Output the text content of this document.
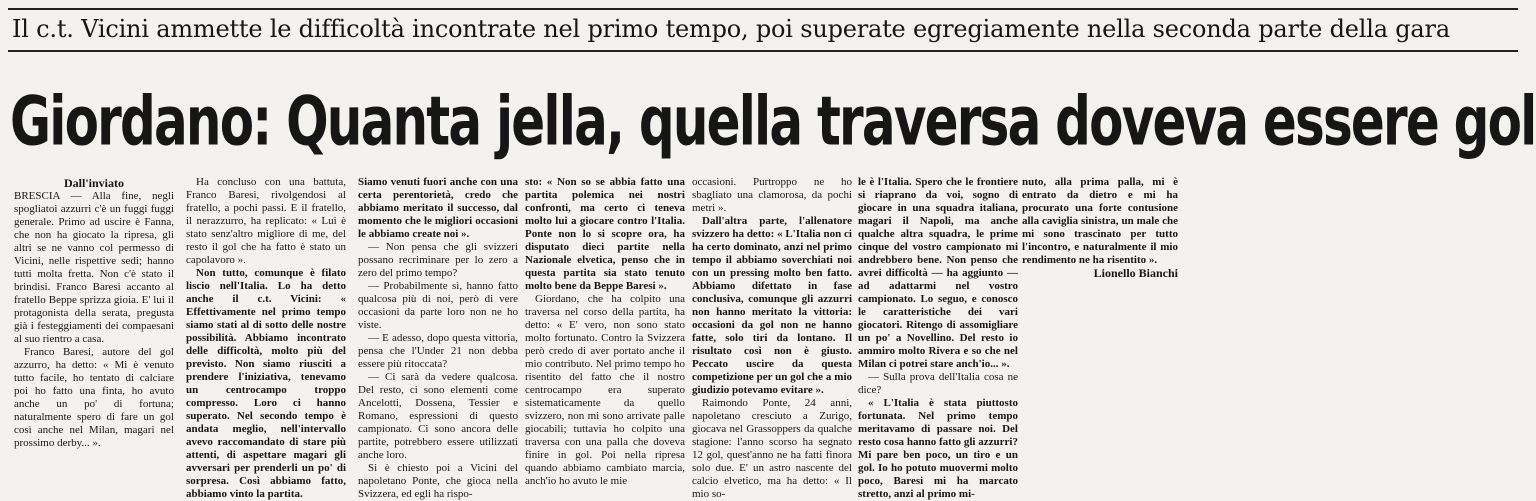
Il c.t. Vicini ammette le difficoltà incontrate nel primo tempo, poi superate egregiamente nella seconda parte della gara
Giordano: Quanta jella, quella traversa doveva essere gol

Dall'inviato

BRESCIA — Alla fine, negli spogliatoi azzurri c'è un fuggi fuggi generale. Primo ad uscire è Fanna, che non ha giocato la ripresa, gli altri se ne vanno col permesso di Vicini, nelle rispettive sedi; hanno tutti molta fretta. Non c'è stato il brindisi. Franco Baresi accanto al fratello Beppe sprizza gioia. E' lui il protagonista della serata, pregusta già i festeggiamenti dei compaesani al suo rientro a casa.

Franco Baresi, autore del gol azzurro, ha detto: « Mi è venuto tutto facile, ho tentato di calciare poi ho fatto una finta, ho avuto anche un po' di fortuna; naturalmente spero di fare un gol così anche nel Milan, magari nel prossimo derby... ».

Ha concluso con una battuta, Franco Baresi, rivolgendosi al fratello, a pochi passi. E il fratello, il nerazzurro, ha replicato: « Lui è stato senz'altro migliore di me, del resto il gol che ha fatto è stato un capolavoro ».

Non tutto, comunque è filato liscio nell'Italia. Lo ha detto anche il c.t. Vicini: « Effettivamente nel primo tempo siamo stati al di sotto delle nostre possibilità. Abbiamo incontrato delle difficoltà, molto più del previsto. Non siamo riusciti a prendere l'iniziativa, tenevamo un centrocampo troppo compresso. Loro ci hanno superato. Nel secondo tempo è andata meglio, nell'intervallo avevo raccomandato di stare più attenti, di aspettare magari gli avversari per prenderli un po' di sorpresa. Così abbiamo fatto, abbiamo vinto la partita.

Siamo venuti fuori anche con una certa perentorietà, credo che abbiamo meritato il successo, dal momento che le migliori occasioni le abbiamo create noi ».

— Non pensa che gli svizzeri possano recriminare per lo zero a zero del primo tempo?

— Probabilmente sì, hanno fatto qualcosa più di noi, però di vere occasioni da parte loro non ne ho viste.

— E adesso, dopo questa vittoria, pensa che l'Under 21 non debba essere più ritoccata?

— Ci sarà da vedere qualcosa. Del resto, ci sono elementi come Ancelotti, Dossena, Tessier e Romano, espressioni di questo campionato. Ci sono ancora delle partite, potrebbero essere utilizzati anche loro.

Si è chiesto poi a Vicini del napoletano Ponte, che gioca nella Svizzera, ed egli ha rispo-

sto: « Non so se abbia fatto una partita polemica nei nostri confronti, ma certo ci teneva molto lui a giocare contro l'Italia. Ponte non lo si scopre ora, ha disputato dieci partite nella Nazionale elvetica, penso che in questa partita sia stato tenuto molto bene da Beppe Baresi ».

Giordano, che ha colpito una traversa nel corso della partita, ha detto: « E' vero, non sono stato molto fortunato. Contro la Svizzera però credo di aver portato anche il mio contributo. Nel primo tempo ho risentito del fatto che il nostro centrocampo era superato sistematicamente da quello svizzero, non mi sono arrivate palle giocabili; tuttavia ho colpito una traversa con una palla che doveva finire in gol. Poi nella ripresa quando abbiamo cambiato marcia, anch'io ho avuto le mie

occasioni. Purtroppo ne ho sbagliato una clamorosa, da pochi metri ».

Dall'altra parte, l'allenatore svizzero ha detto: « L'Italia non ci ha certo dominato, anzi nel primo tempo il abbiamo soverchiati noi con un pressing molto ben fatto. Abbiamo difettato in fase conclusiva, comunque gli azzurri non hanno meritato la vittoria: occasioni da gol non ne hanno fatte, solo tiri da lontano. Il risultato così non è giusto. Peccato uscire da questa competizione per un gol che a mio giudizio potevamo evitare ».

Raimondo Ponte, 24 anni, napoletano cresciuto a Zurigo, giocava nel Grassoppers da qualche stagione: l'anno scorso ha segnato 12 gol, quest'anno ne ha fatti finora solo due. E' un astro nascente del calcio elvetico, ma ha detto: « Il mio so-

le è l'Italia. Spero che le frontiere si riaprano da voi, sogno di giocare in una squadra italiana, magari il Napoli, ma anche qualche altra squadra, le prime cinque del vostro campionato mi andrebbero bene. Non penso che avrei difficoltà — ha aggiunto — ad adattarmi nel vostro campionato. Lo seguo, e conosco le caratteristiche dei vari giocatori. Ritengo di assomigliare un po' a Novellino. Del resto io ammiro molto Rivera e so che nel Milan ci potrei stare anch'io... ».

— Sulla prova dell'Italia cosa ne dice?

« L'Italia è stata piuttosto fortunata. Nel primo tempo meritavamo di passare noi. Del resto cosa hanno fatto gli azzurri? Mi pare ben poco, un tiro e un gol. Io ho potuto muovermi molto poco, Baresi mi ha marcato stretto, anzi al primo mi-

nuto, alla prima palla, mi è entrato da dietro e mi ha procurato una forte contusione alla caviglia sinistra, un male che mi sono trascinato per tutto l'incontro, e naturalmente il mio rendimento ne ha risentito ».

Lionello Bianchi
